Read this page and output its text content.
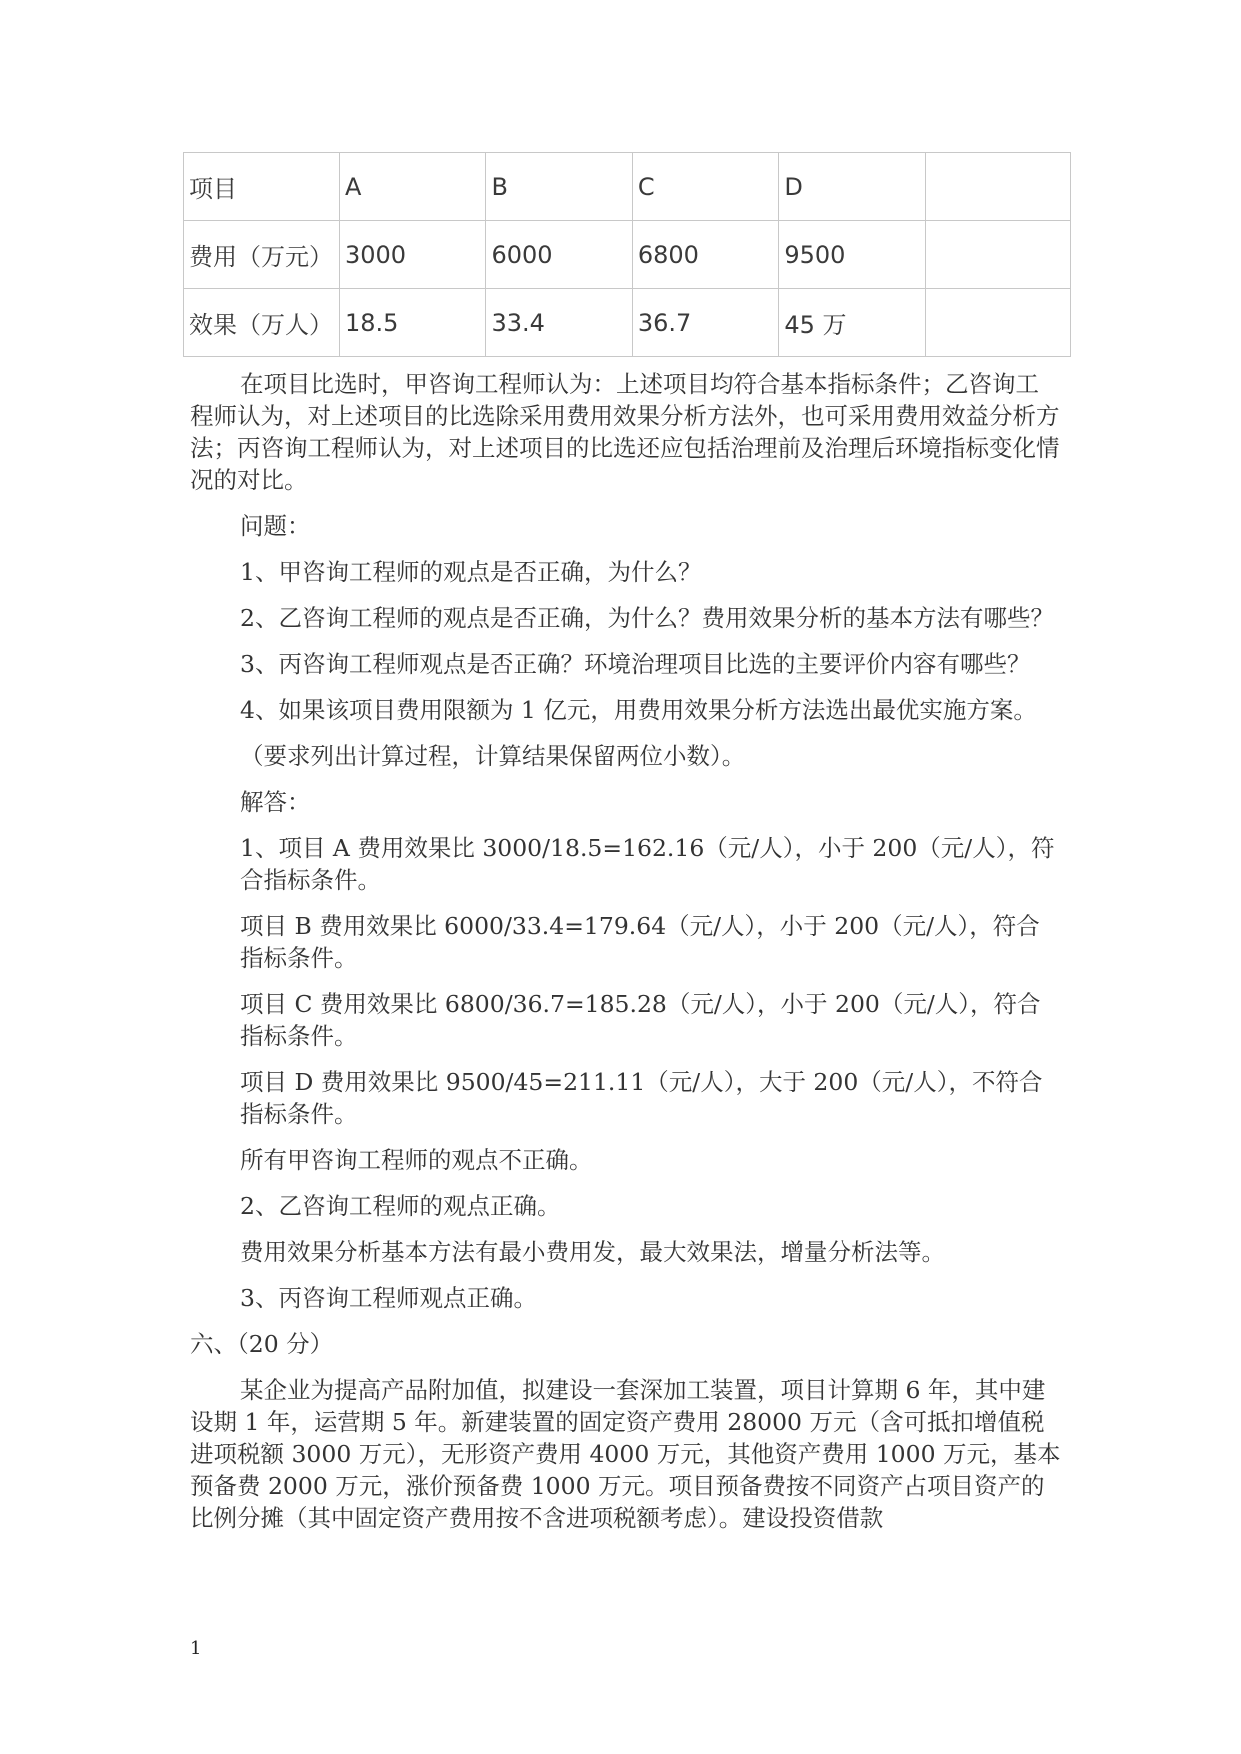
项目	A	B	C	D	
费用（万元）	3000	6000	6800	9500	
效果（万人）	18.5	33.4	36.7	45 万	

在项目比选时，甲咨询工程师认为：上述项目均符合基本指标条件；乙咨询工程师认为，对上述项目的比选除采用费用效果分析方法外，也可采用费用效益分析方法；丙咨询工程师认为，对上述项目的比选还应包括治理前及治理后环境指标变化情况的对比。

问题：

1、甲咨询工程师的观点是否正确，为什么？

2、乙咨询工程师的观点是否正确，为什么？费用效果分析的基本方法有哪些？

3、丙咨询工程师观点是否正确？环境治理项目比选的主要评价内容有哪些？

4、如果该项目费用限额为 1 亿元，用费用效果分析方法选出最优实施方案。

（要求列出计算过程，计算结果保留两位小数）。

解答：

1、项目 A 费用效果比 3000/18.5=162.16（元/人），小于 200（元/人），符合指标条件。

项目 B 费用效果比 6000/33.4=179.64（元/人），小于 200（元/人），符合指标条件。

项目 C 费用效果比 6800/36.7=185.28（元/人），小于 200（元/人），符合指标条件。

项目 D 费用效果比 9500/45=211.11（元/人），大于 200（元/人），不符合指标条件。

所有甲咨询工程师的观点不正确。

2、乙咨询工程师的观点正确。

费用效果分析基本方法有最小费用发，最大效果法，增量分析法等。

3、丙咨询工程师观点正确。

六、（20 分）

某企业为提高产品附加值，拟建设一套深加工装置，项目计算期 6 年，其中建设期 1 年，运营期 5 年。新建装置的固定资产费用 28000 万元（含可抵扣增值税进项税额 3000 万元），无形资产费用 4000 万元，其他资产费用 1000 万元，基本预备费 2000 万元，涨价预备费 1000 万元。项目预备费按不同资产占项目资产的比例分摊（其中固定资产费用按不含进项税额考虑）。建设投资借款

1
